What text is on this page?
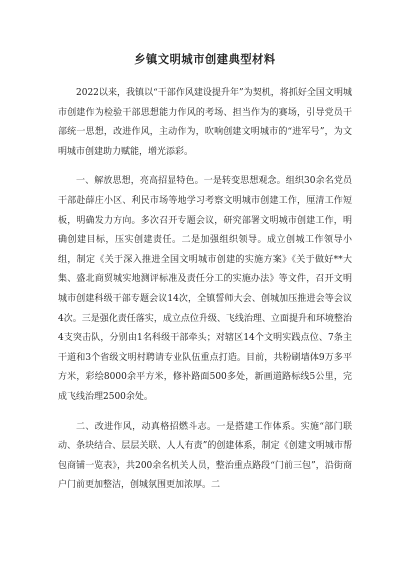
乡镇文明城市创建典型材料

2022以来，我镇以“干部作风建设提升年”为契机，将抓好全国文明城市创建作为检验干部思想能力作风的考场、担当作为的赛场，引导党员干部统一思想，改进作风，主动作为，吹响创建文明城市的“进军号”，为文明城市创建助力赋能，增光添彩。

一、解放思想，亮高招显特色。一是转变思想观念。组织30余名党员干部赴薛庄小区、利民市场等地学习考察文明城市创建工作，厘清工作短板，明确发力方向。多次召开专题会议，研究部署文明城市创建工作，明确创建目标，压实创建责任。二是加强组织领导。成立创城工作领导小组，制定《关于深入推进全国文明城市创建的实施方案》《关于做好**大集、盛北商贸城实地测评标准及责任分工的实施办法》等文件，召开文明城市创建科级干部专题会议14次，全镇誓师大会、创城加压推进会等会议4次。三是强化责任落实，成立点位升级、飞线治理、立面提升和环境整治4支突击队，分别由1名科级干部牵头；对辖区14个文明实践点位、7条主干道和3个省级文明村聘请专业队伍重点打造。目前，共粉刷墙体9万多平方米，彩绘8000余平方米，修补路面500多处，新画道路标线5公里，完成飞线治理2500余处。

二、改进作风，动真格招燃斗志。一是搭建工作体系。实施“部门联动、条块结合、层层关联、人人有责”的创建体系，制定《创建文明城市帮包商铺一览表》，共200余名机关人员，整治重点路段“门前三包”，沿街商户门前更加整洁，创城氛围更加浓厚。二
